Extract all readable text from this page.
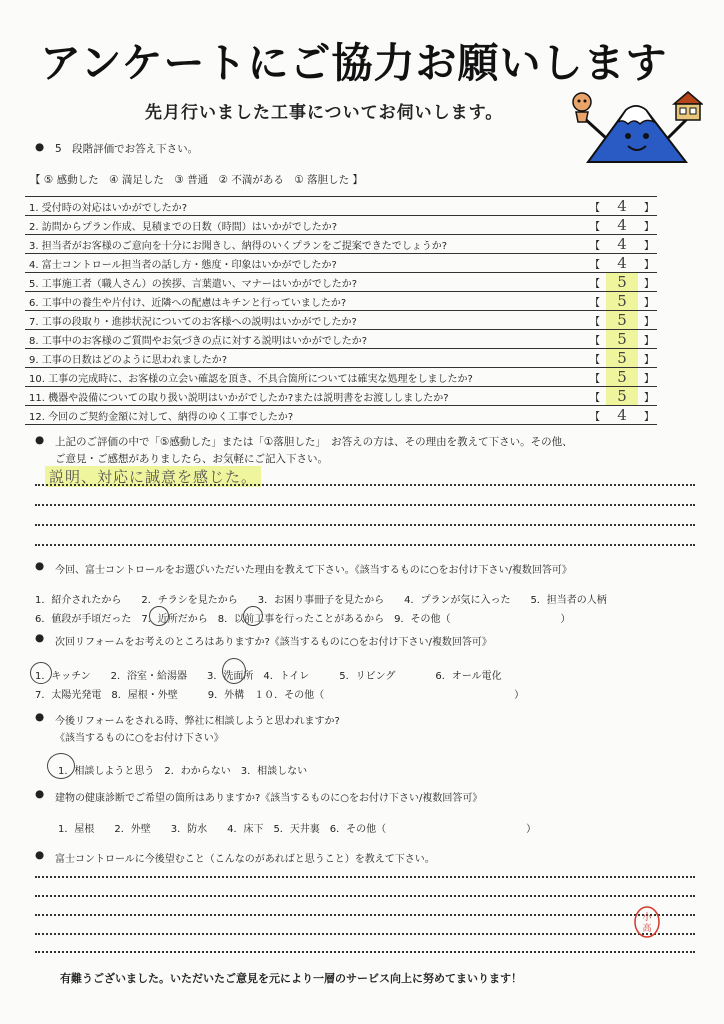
アンケートにご協力お願いします
先月行いました工事についてお伺いします。
● 5　段階評価でお答え下さい。
【 ⑤ 感動した　④ 満足した　③ 普通　② 不満がある　① 落胆した 】
1. 受付時の対応はいかがでしたか?	【 4 】
2. 訪問からプラン作成、見積までの日数（時間）はいかがでしたか?	【 4 】
3. 担当者がお客様のご意向を十分にお聞きし、納得のいくプランをご提案できたでしょうか?	【 4 】
4. 富士コントロール担当者の話し方・態度・印象はいかがでしたか?	【 4 】
5. 工事施工者（職人さん）の挨拶、言葉遣い、マナーはいかがでしたか?	【 5 】
6. 工事中の養生や片付け、近隣への配慮はキチンと行っていましたか?	【 5 】
7. 工事の段取り・進捗状況についてのお客様への説明はいかがでしたか?	【 5 】
8. 工事中のお客様のご質問やお気づきの点に対する説明はいかがでしたか?	【 5 】
9. 工事の日数はどのように思われましたか?	【 5 】
10. 工事の完成時に、お客様の立会い確認を頂き、不具合箇所については確実な処理をしましたか?	【 5 】
11. 機器や設備についての取り扱い説明はいかがでしたか?または説明書をお渡ししましたか?	【 5 】
12. 今回のご契約金額に対して、納得のゆく工事でしたか?	【 4 】
● 上記のご評価の中で「⑤感動した」または「①落胆した」　お答えの方は、その理由を教えて下さい。その他、
ご意見・ご感想がありましたら、お気軽にご記入下さい。
説明、対応に誠意を感じた。
● 今回、富士コントロールをお選びいただいた理由を教えて下さい。《該当するものに○をお付け下さい/複数回答可》
1．紹介されたから　　2．チラシを見たから　　3．お困り事冊子を見たから　　4．プランが気に入った　　5．担当者の人柄
6．値段が手頃だった　7．近所だから　8．以前工事を行ったことがあるから　9．その他（　　　　　　　　　　　）
● 次回リフォームをお考えのところはありますか?《該当するものに○をお付け下さい/複数回答可》
1．キッチン　　2．浴室・給湯器　　3．洗面所　4．トイレ　　　5．リビング　　　　6．オール電化
7．太陽光発電　8．屋根・外壁　　　9．外構　１０．その他（　　　　　　　　　　　　　　　　　　　）
● 今後リフォームをされる時、弊社に相談しようと思われますか?
《該当するものに○をお付け下さい》
1．相談しようと思う　2．わからない　3．相談しない
● 建物の健康診断でご希望の箇所はありますか?《該当するものに○をお付け下さい/複数回答可》
1．屋根　　2．外壁　　3．防水　　4．床下　5．天井裏　6．その他（　　　　　　　　　　　　　　）
● 富士コントロールに今後望むこと（こんなのがあればと思うこと）を教えて下さい。
小
高
有難うございました。いただいたご意見を元により一層のサービス向上に努めてまいります！
